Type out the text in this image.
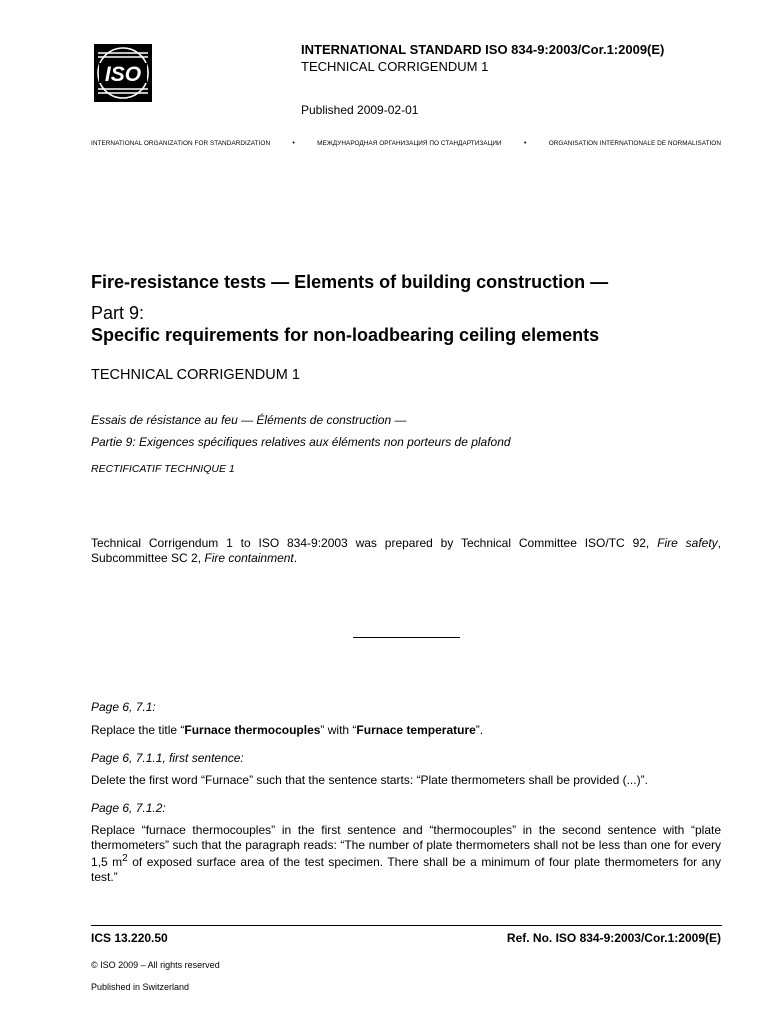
ISO
INTERNATIONAL STANDARD ISO 834-9:2003/Cor.1:2009(E)
TECHNICAL CORRIGENDUM 1
Published 2009-02-01
INTERNATIONAL ORGANIZATION FOR STANDARDIZATION	•	МЕЖДУНАРОДНАЯ ОРГАНИЗАЦИЯ ПО СТАНДАРТИЗАЦИИ	•	ORGANISATION INTERNATIONALE DE NORMALISATION
Fire-resistance tests — Elements of building construction —
Part 9:
Specific requirements for non-loadbearing ceiling elements
TECHNICAL CORRIGENDUM 1
Essais de résistance au feu — Éléments de construction —
Partie 9: Exigences spécifiques relatives aux éléments non porteurs de plafond
RECTIFICATIF TECHNIQUE 1
Technical Corrigendum 1 to ISO 834-9:2003 was prepared by Technical Committee ISO/TC 92, Fire safety, Subcommittee SC 2, Fire containment.
Page 6, 7.1:
Replace the title “Furnace thermocouples” with “Furnace temperature”.
Page 6, 7.1.1, first sentence:
Delete the first word “Furnace” such that the sentence starts: “Plate thermometers shall be provided (...)”.
Page 6, 7.1.2:
Replace “furnace thermocouples” in the first sentence and “thermocouples” in the second sentence with “plate thermometers” such that the paragraph reads: “The number of plate thermometers shall not be less than one for every 1,5 $m^2$ of exposed surface area of the test specimen. There shall be a minimum of four plate thermometers for any test.”
ICS 13.220.50	Ref. No. ISO 834-9:2003/Cor.1:2009(E)
© ISO 2009 – All rights reserved
Published in Switzerland
